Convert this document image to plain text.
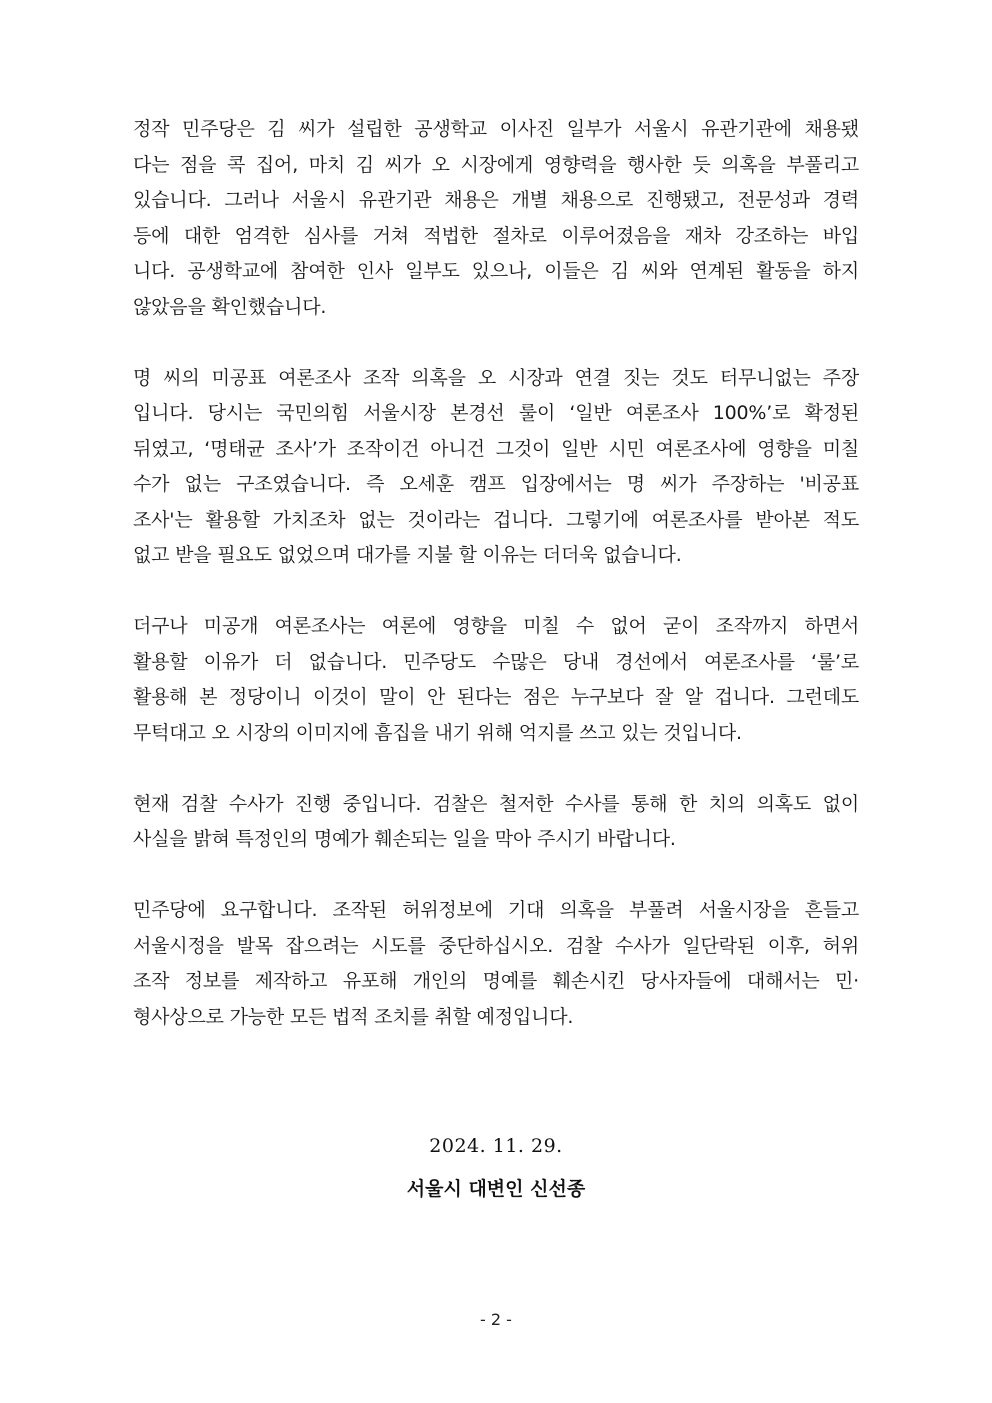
정작 민주당은 김 씨가 설립한 공생학교 이사진 일부가 서울시 유관기관에 채용됐
다는 점을 콕 집어, 마치 김 씨가 오 시장에게 영향력을 행사한 듯 의혹을 부풀리고
있습니다. 그러나 서울시 유관기관 채용은 개별 채용으로 진행됐고, 전문성과 경력
등에 대한 엄격한 심사를 거쳐 적법한 절차로 이루어졌음을 재차 강조하는 바입
니다. 공생학교에 참여한 인사 일부도 있으나, 이들은 김 씨와 연계된 활동을 하지
않았음을 확인했습니다.
명 씨의 미공표 여론조사 조작 의혹을 오 시장과 연결 짓는 것도 터무니없는 주장
입니다. 당시는 국민의힘 서울시장 본경선 룰이 ‘일반 여론조사 100%’로 확정된
뒤였고, ‘명태균 조사’가 조작이건 아니건 그것이 일반 시민 여론조사에 영향을 미칠
수가 없는 구조였습니다. 즉 오세훈 캠프 입장에서는 명 씨가 주장하는 '비공표
조사'는 활용할 가치조차 없는 것이라는 겁니다. 그렇기에 여론조사를 받아본 적도
없고 받을 필요도 없었으며 대가를 지불 할 이유는 더더욱 없습니다.
더구나 미공개 여론조사는 여론에 영향을 미칠 수 없어 굳이 조작까지 하면서
활용할 이유가 더 없습니다. 민주당도 수많은 당내 경선에서 여론조사를 ‘룰’로
활용해 본 정당이니 이것이 말이 안 된다는 점은 누구보다 잘 알 겁니다. 그런데도
무턱대고 오 시장의 이미지에 흠집을 내기 위해 억지를 쓰고 있는 것입니다.
현재 검찰 수사가 진행 중입니다. 검찰은 철저한 수사를 통해 한 치의 의혹도 없이
사실을 밝혀 특정인의 명예가 훼손되는 일을 막아 주시기 바랍니다.
민주당에 요구합니다. 조작된 허위정보에 기대 의혹을 부풀려 서울시장을 흔들고
서울시정을 발목 잡으려는 시도를 중단하십시오. 검찰 수사가 일단락된 이후, 허위
조작 정보를 제작하고 유포해 개인의 명예를 훼손시킨 당사자들에 대해서는 민·
형사상으로 가능한 모든 법적 조치를 취할 예정입니다.
2024. 11. 29.
서울시 대변인 신선종
- 2 -
